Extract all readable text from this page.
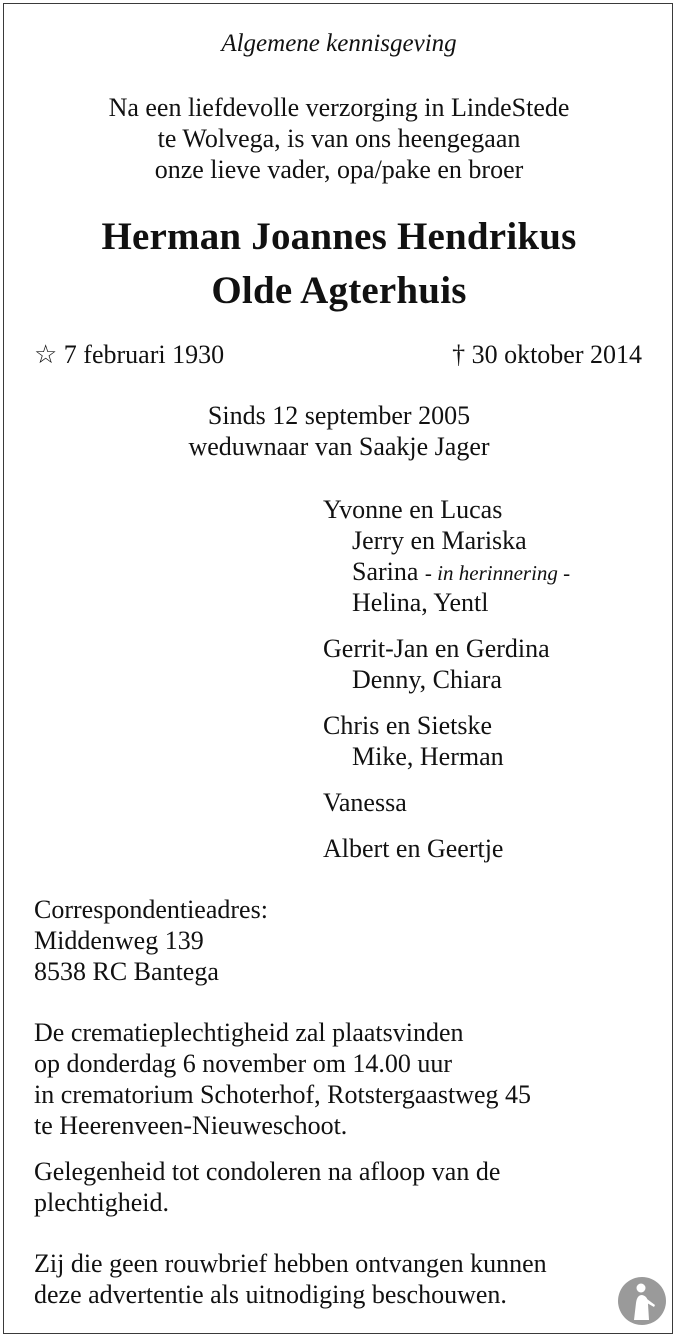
Algemene kennisgeving
Na een liefdevolle verzorging in LindeStede
te Wolvega, is van ons heengegaan
onze lieve vader, opa/pake en broer
Herman Joannes Hendrikus
Olde Agterhuis
☆ 7 februari 1930	† 30 oktober 2014
Sinds 12 september 2005
weduwnaar van Saakje Jager
Yvonne en Lucas
Jerry en Mariska
Sarina - in herinnering -
Helina, Yentl
Gerrit-Jan en Gerdina
Denny, Chiara
Chris en Sietske
Mike, Herman
Vanessa
Albert en Geertje
Correspondentieadres:
Middenweg 139
8538 RC Bantega
De crematieplechtigheid zal plaatsvinden
op donderdag 6 november om 14.00 uur
in crematorium Schoterhof, Rotstergaastweg 45
te Heerenveen-Nieuweschoot.
Gelegenheid tot condoleren na afloop van de
plechtigheid.
Zij die geen rouwbrief hebben ontvangen kunnen
deze advertentie als uitnodiging beschouwen.
